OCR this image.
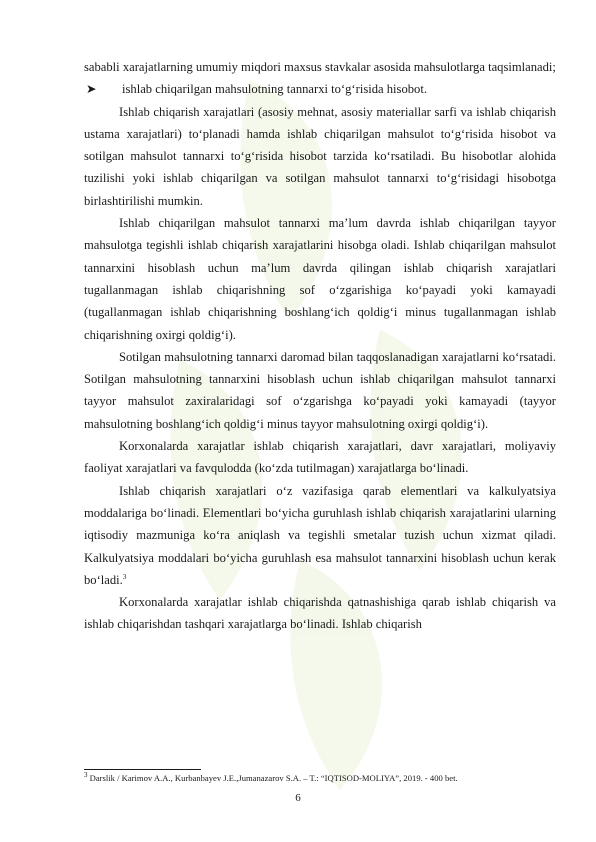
sababli xarajatlarning umumiy miqdori maxsus stavkalar asosida mahsulotlarga taqsimlanadi;

➤	ishlab chiqarilgan mahsulotning tannarxi to‘g‘risida hisobot.

Ishlab chiqarish xarajatlari (asosiy mehnat, asosiy materiallar sarfi va ishlab chiqarish ustama xarajatlari) to‘planadi hamda ishlab chiqarilgan mahsulot to‘g‘risida hisobot va sotilgan mahsulot tannarxi to‘g‘risida hisobot tarzida ko‘rsatiladi. Bu hisobotlar alohida tuzilishi yoki ishlab chiqarilgan va sotilgan mahsulot tannarxi to‘g‘risidagi hisobotga birlashtirilishi mumkin.

Ishlab chiqarilgan mahsulot tannarxi ma’lum davrda ishlab chiqarilgan tayyor mahsulotga tegishli ishlab chiqarish xarajatlarini hisobga oladi. Ishlab chiqarilgan mahsulot tannarxini hisoblash uchun ma’lum davrda qilingan ishlab chiqarish xarajatlari tugallanmagan ishlab chiqarishning sof o‘zgarishiga ko‘payadi yoki kamayadi (tugallanmagan ishlab chiqarishning boshlang‘ich qoldig‘i minus tugallanmagan ishlab chiqarishning oxirgi qoldig‘i).

Sotilgan mahsulotning tannarxi daromad bilan taqqoslanadigan xarajatlarni ko‘rsatadi. Sotilgan mahsulotning tannarxini hisoblash uchun ishlab chiqarilgan mahsulot tannarxi tayyor mahsulot zaxiralaridagi sof o‘zgarishga ko‘payadi yoki kamayadi (tayyor mahsulotning boshlang‘ich qoldig‘i minus tayyor mahsulotning oxirgi qoldig‘i).

Korxonalarda xarajatlar ishlab chiqarish xarajatlari, davr xarajatlari, moliyaviy faoliyat xarajatlari va favqulodda (ko‘zda tutilmagan) xarajatlarga bo‘linadi.

Ishlab chiqarish xarajatlari o‘z vazifasiga qarab elementlari va kalkulyatsiya moddalariga bo‘linadi. Elementlari bo‘yicha guruhlash ishlab chiqarish xarajatlarini ularning iqtisodiy mazmuniga ko‘ra aniqlash va tegishli smetalar tuzish uchun xizmat qiladi. Kalkulyatsiya moddalari bo‘yicha guruhlash esa mahsulot tannarxini hisoblash uchun kerak bo‘ladi.$^3$

Korxonalarda xarajatlar ishlab chiqarishda qatnashishiga qarab ishlab chiqarish va ishlab chiqarishdan tashqari xarajatlarga bo‘linadi. Ishlab chiqarish

$^3$ Darslik / Karimov A.A., Kurbanbayev J.E.,Jumanazarov S.A. – T.: “IQTISOD-MOLIYA”, 2019. - 400 bet.
6
